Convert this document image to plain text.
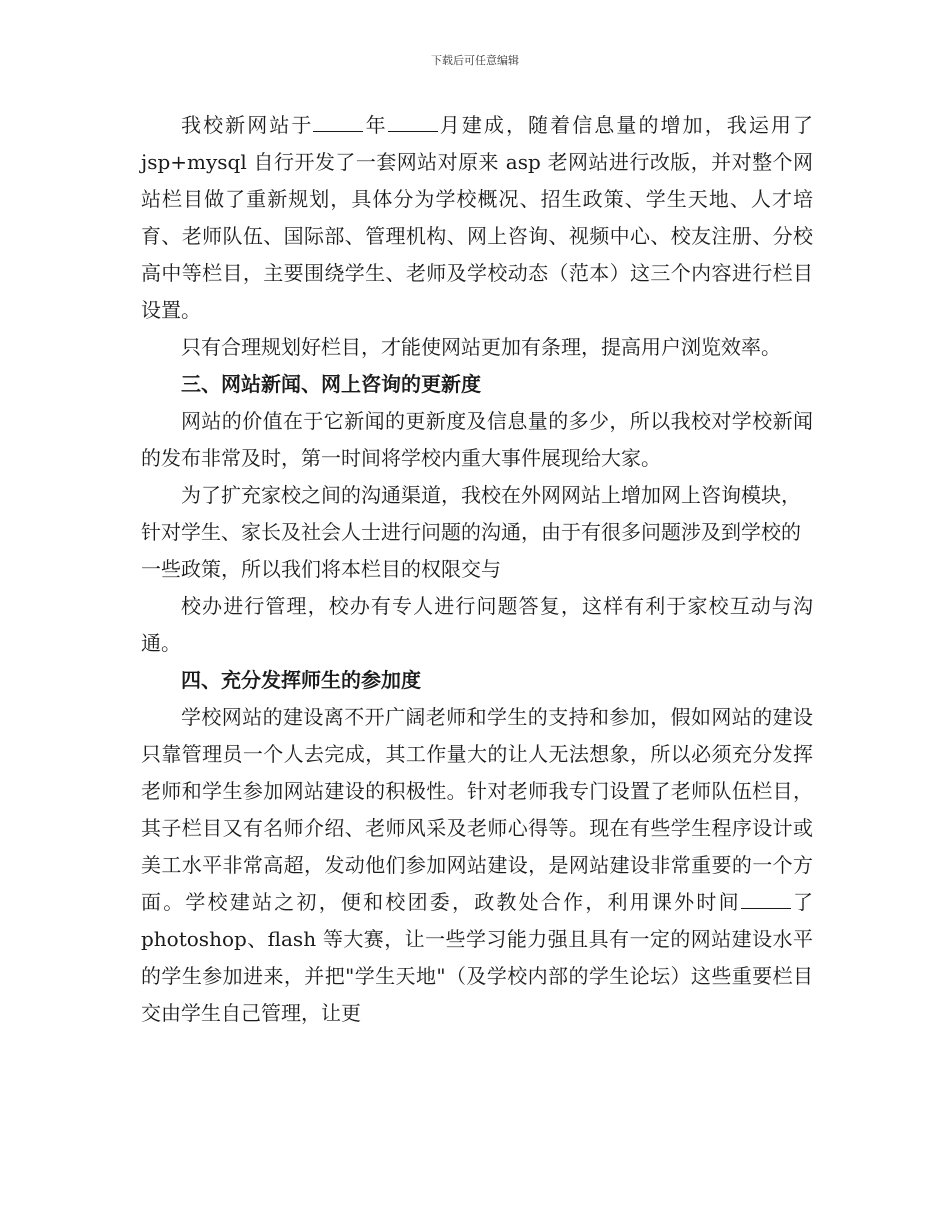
下载后可任意编辑

我校新网站于	年	月建成，随着信息量的增加，我运用了 jsp+mysql 自行开发了一套网站对原来 asp 老网站进行改版，并对整个网站栏目做了重新规划，具体分为学校概况、招生政策、学生天地、人才培育、老师队伍、国际部、管理机构、网上咨询、视频中心、校友注册、分校高中等栏目，主要围绕学生、老师及学校动态（范本）这三个内容进行栏目设置。

只有合理规划好栏目，才能使网站更加有条理，提高用户浏览效率。

三、网站新闻、网上咨询的更新度

网站的价值在于它新闻的更新度及信息量的多少，所以我校对学校新闻的发布非常及时，第一时间将学校内重大事件展现给大家。

为了扩充家校之间的沟通渠道，我校在外网网站上增加网上咨询模块，针对学生、家长及社会人士进行问题的沟通，由于有很多问题涉及到学校的一些政策，所以我们将本栏目的权限交与

校办进行管理，校办有专人进行问题答复，这样有利于家校互动与沟通。

四、充分发挥师生的参加度

学校网站的建设离不开广阔老师和学生的支持和参加，假如网站的建设只靠管理员一个人去完成，其工作量大的让人无法想象，所以必须充分发挥老师和学生参加网站建设的积极性。针对老师我专门设置了老师队伍栏目，其子栏目又有名师介绍、老师风采及老师心得等。现在有些学生程序设计或美工水平非常高超，发动他们参加网站建设，是网站建设非常重要的一个方面。学校建站之初，便和校团委，政教处合作，利用课外时间	了 photoshop、flash 等大赛，让一些学习能力强且具有一定的网站建设水平的学生参加进来，并把"学生天地"（及学校内部的学生论坛）这些重要栏目交由学生自己管理，让更
